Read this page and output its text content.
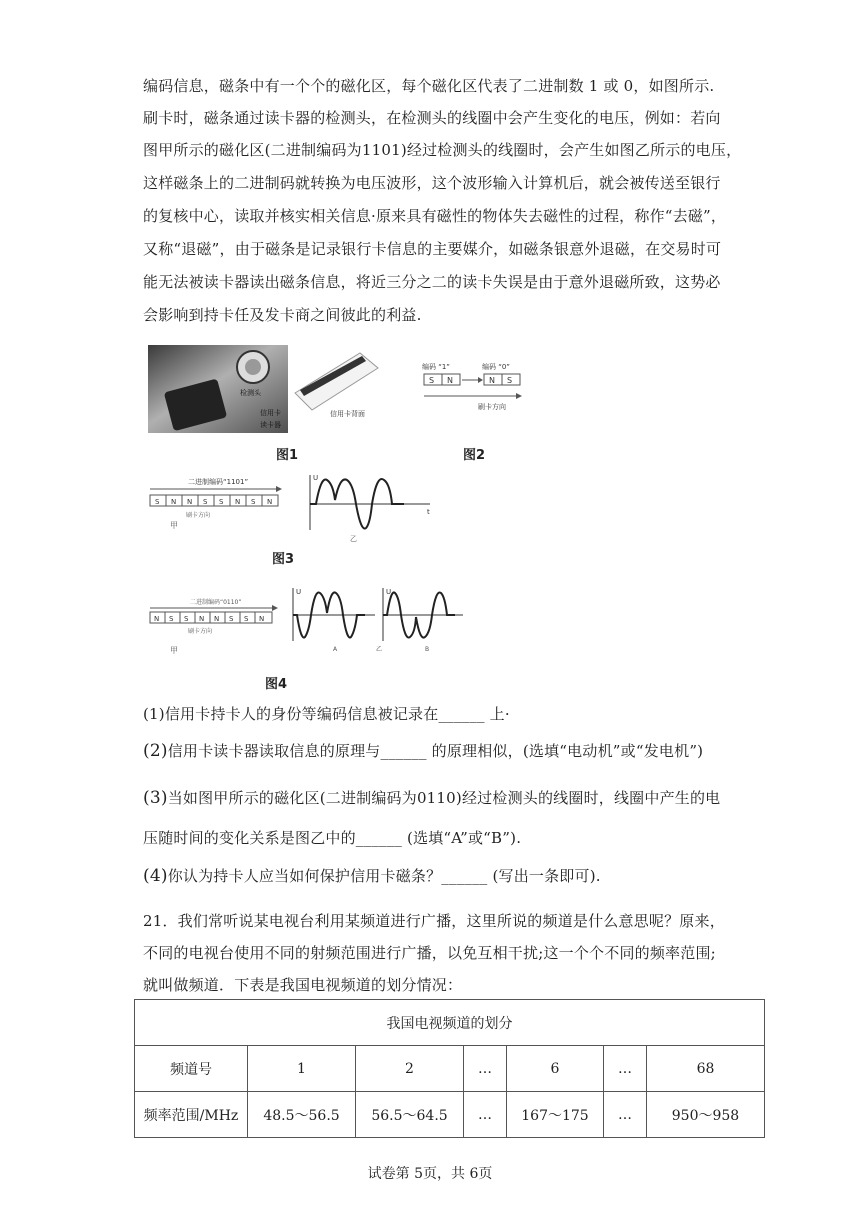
编码信息，磁条中有一个个的磁化区，每个磁化区代表了二进制数 1 或 0，如图所示.
刷卡时，磁条通过读卡器的检测头，在检测头的线圈中会产生变化的电压，例如：若向
图甲所示的磁化区(二进制编码为1101)经过检测头的线圈时，会产生如图乙所示的电压，
这样磁条上的二进制码就转换为电压波形，这个波形输入计算机后，就会被传送至银行
的复核中心，读取并核实相关信息·原来具有磁性的物体失去磁性的过程，称作“去磁”，
又称“退磁”，由于磁条是记录银行卡信息的主要媒介，如磁条银意外退磁，在交易时可
能无法被读卡器读出磁条信息，将近三分之二的读卡失误是由于意外退磁所致，这势必
会影响到持卡任及发卡商之间彼此的利益.
检测头
信用卡
读卡器
信用卡背面
图1
编码 “1”	编码 “0”
S N	N S
刷卡方向
图2
二进制编码“1101”
S N N S S N S N
刷卡方向
甲
U
t
乙
图3
二进制编码“0110”
N S S N N S S N
刷卡方向
甲
U
A
U
乙	B
图4
(1)信用卡持卡人的身份等编码信息被记录在______ 上·
(2)信用卡读卡器读取信息的原理与______ 的原理相似，(选填“电动机”或“发电机”)
(3)当如图甲所示的磁化区(二进制编码为0110)经过检测头的线圈时，线圈中产生的电
压随时间的变化关系是图乙中的______ (选填“A”或“B”).
(4)你认为持卡人应当如何保护信用卡磁条？______ (写出一条即可).
21．我们常听说某电视台利用某频道进行广播，这里所说的频道是什么意思呢？原来，
不同的电视台使用不同的射频范围进行广播，以免互相干扰;这一个个不同的频率范围;
就叫做频道．下表是我国电视频道的划分情况：
我国电视频道的划分						
频道号	1	2	…	6	…	68
频率范围/MHz	48.5～56.5	56.5～64.5	…	167～175	…	950～958
试卷第 5页，共 6页
